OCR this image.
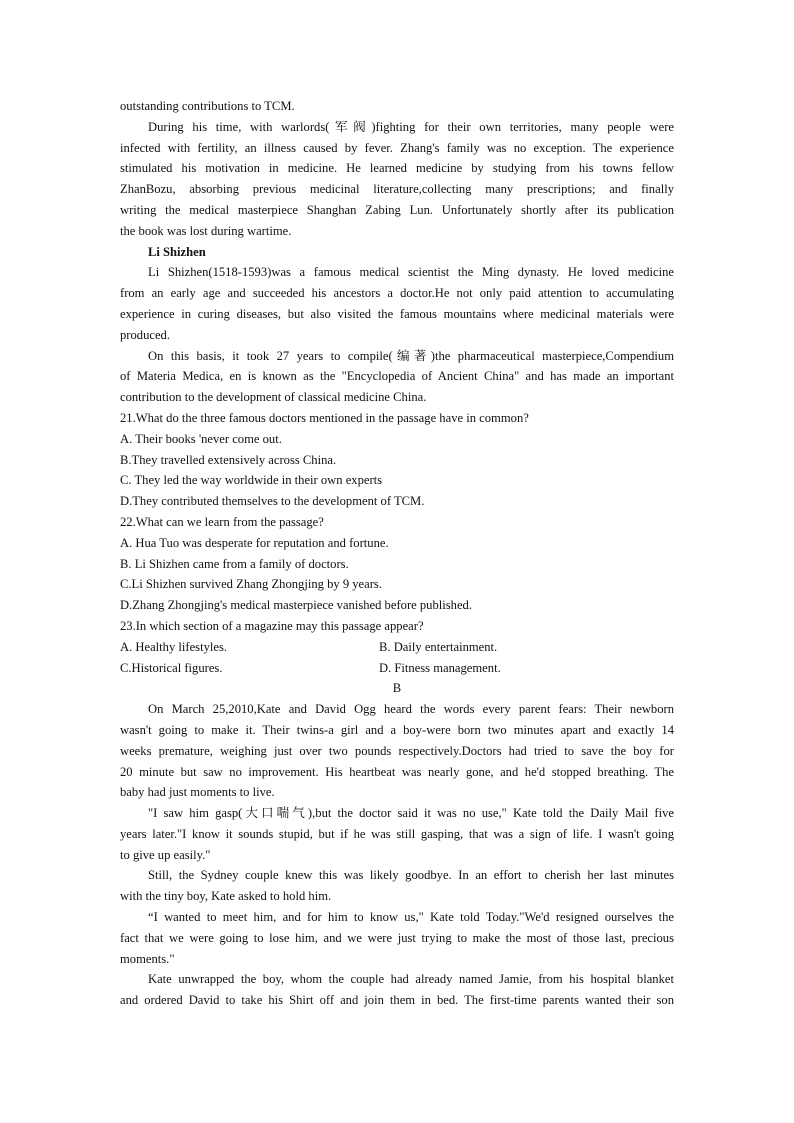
outstanding contributions to TCM.
During his time, with warlords(军阀)fighting for their own territories, many people were
infected with fertility, an illness caused by fever. Zhang's family was no exception. The experience
stimulated his motivation in medicine. He learned medicine by studying from his towns fellow
ZhanBozu, absorbing previous medicinal literature,collecting many prescriptions; and finally
writing the medical masterpiece Shanghan Zabing Lun. Unfortunately shortly after its publication
the book was lost during wartime.
Li Shizhen
Li Shizhen(1518-1593)was a famous medical scientist the Ming dynasty. He loved medicine
from an early age and succeeded his ancestors a doctor.He not only paid attention to accumulating
experience in curing diseases, but also visited the famous mountains where medicinal materials were
produced.
On this basis, it took 27 years to compile(编著)the pharmaceutical masterpiece,Compendium
of Materia Medica, en is known as the "Encyclopedia of Ancient China" and has made an important
contribution to the development of classical medicine China.
21.What do the three famous doctors mentioned in the passage have in common?
A. Their books 'never come out.
B.They travelled extensively across China.
C. They led the way worldwide in their own experts
D.They contributed themselves to the development of TCM.
22.What can we learn from the passage?
A. Hua Tuo was desperate for reputation and fortune.
B. Li Shizhen came from a family of doctors.
C.Li Shizhen survived Zhang Zhongjing by 9 years.
D.Zhang Zhongjing's medical masterpiece vanished before published.
23.In which section of a magazine may this passage appear?
A. Healthy lifestyles.	B. Daily entertainment.
C.Historical figures.	D. Fitness management.
B
On March 25,2010,Kate and David Ogg heard the words every parent fears: Their newborn
wasn't going to make it. Their twins-a girl and a boy-were born two minutes apart and exactly 14
weeks premature, weighing just over two pounds respectively.Doctors had tried to save the boy for
20 minute but saw no improvement. His heartbeat was nearly gone, and he'd stopped breathing. The
baby had just moments to live.
"I saw him gasp(大口喘气),but the doctor said it was no use," Kate told the Daily Mail five
years later."I know it sounds stupid, but if he was still gasping, that was a sign of life. I wasn't going
to give up easily."
Still, the Sydney couple knew this was likely goodbye. In an effort to cherish her last minutes
with the tiny boy, Kate asked to hold him.
“I wanted to meet him, and for him to know us," Kate told Today."We'd resigned ourselves the
fact that we were going to lose him, and we were just trying to make the most of those last, precious
moments."
Kate unwrapped the boy, whom the couple had already named Jamie, from his hospital blanket
and ordered David to take his Shirt off and join them in bed. The first-time parents wanted their son
